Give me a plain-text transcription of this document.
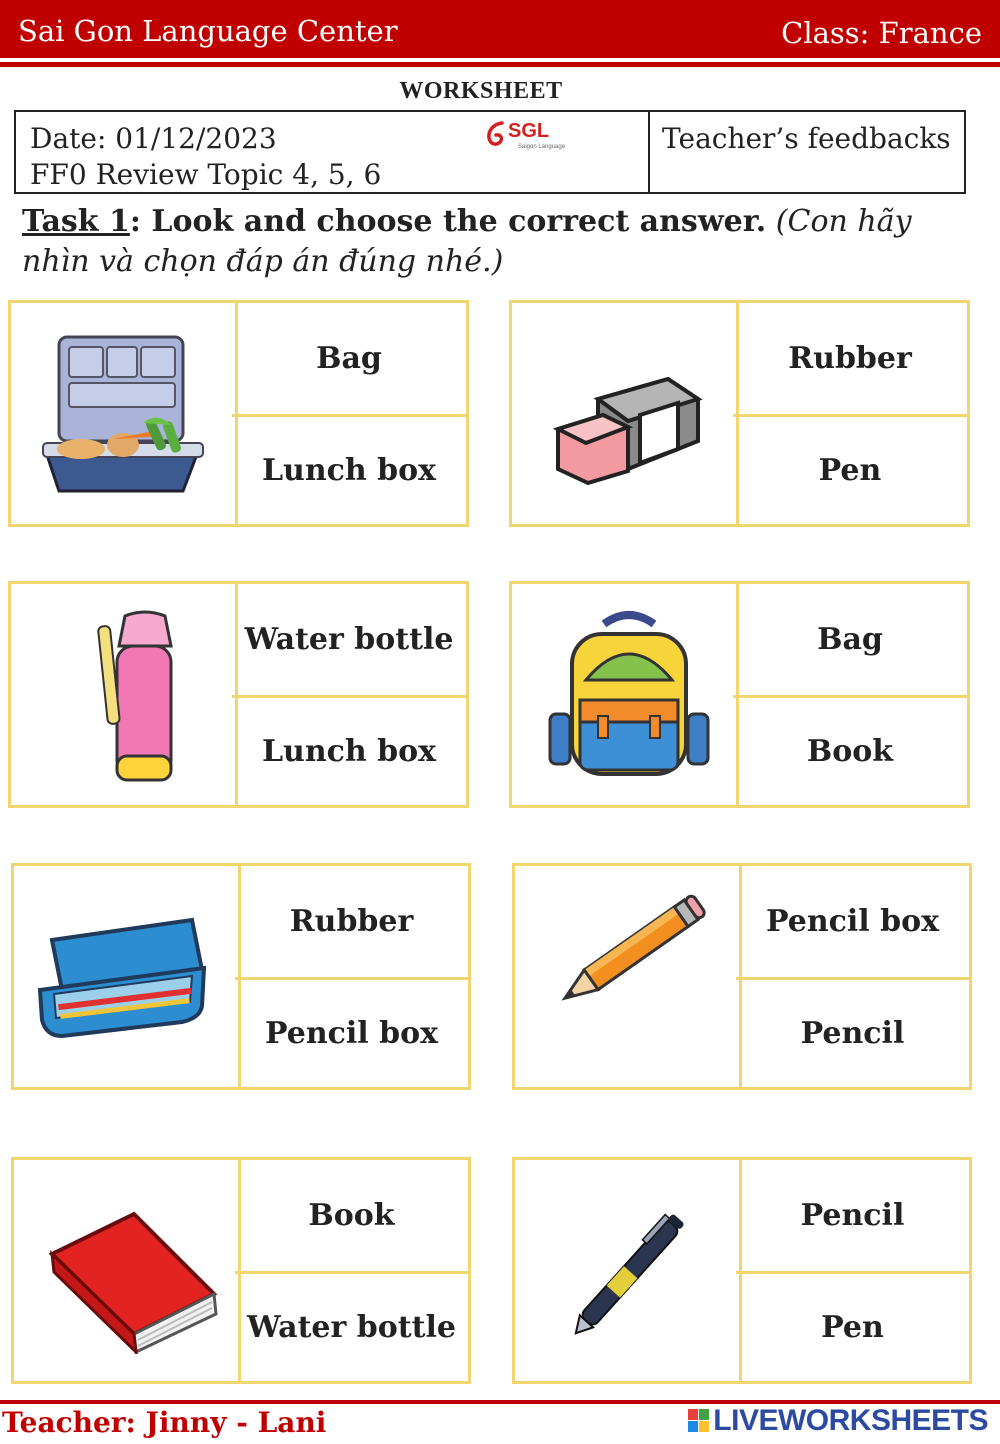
Sai Gon Language Center	Class: France
WORKSHEET
Date: 01/12/2023
FF0 Review Topic 4, 5, 6
SGL
Saigon Language	Teacher’s feedbacks
Task 1: Look and choose the correct answer. (Con hãy nhìn và chọn đáp án đúng nhé.)
Bag
Lunch box
Rubber
Pen
Water bottle
Lunch box
Bag
Book
Rubber
Pencil box
Pencil box
Pencil
Book
Water bottle
Pencil
Pen
Teacher: Jinny - Lani	LIVEWORKSHEETS
